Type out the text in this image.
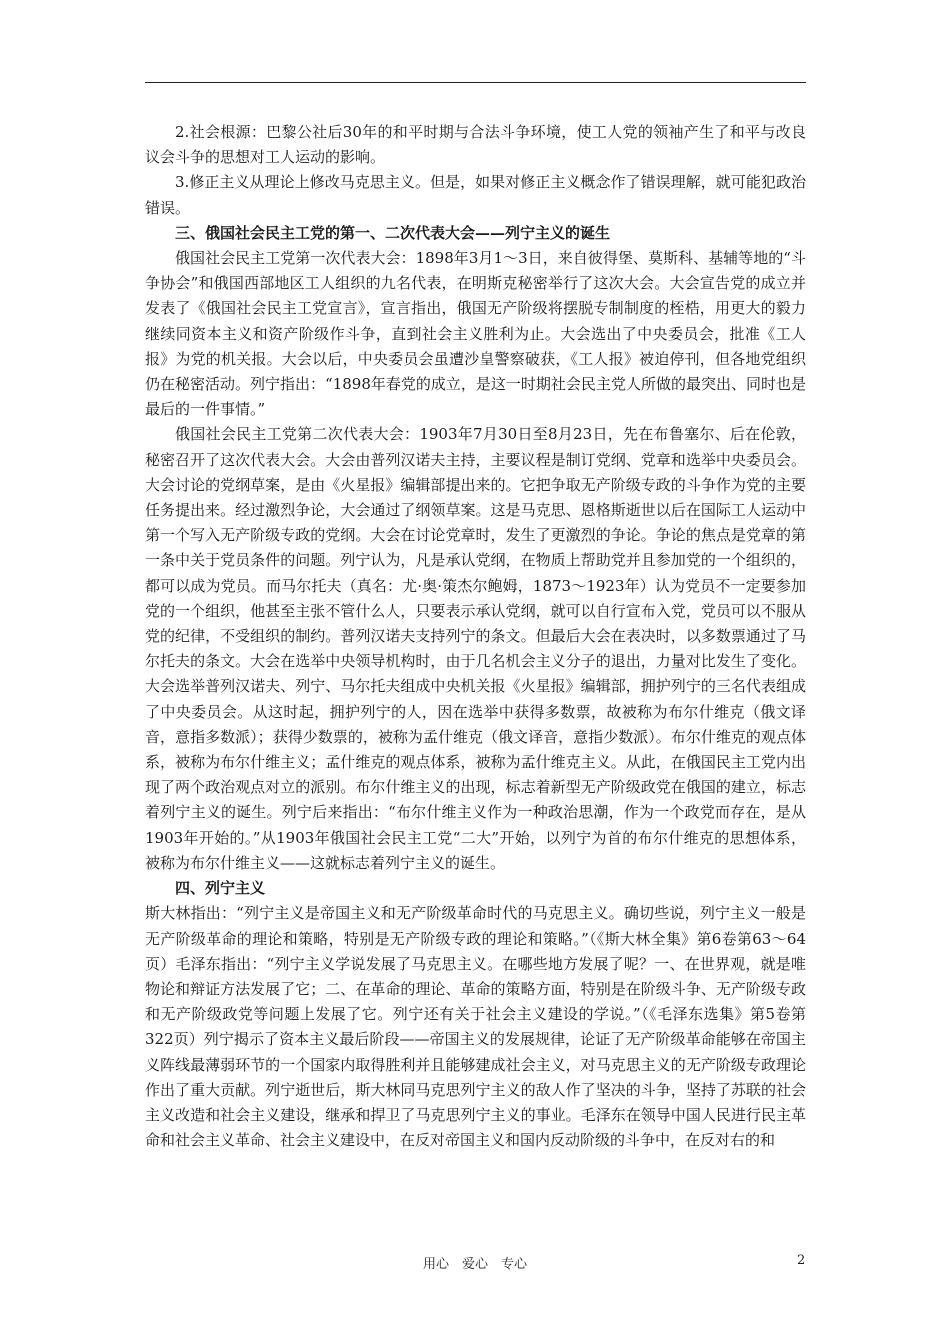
2.社会根源：巴黎公社后30年的和平时期与合法斗争环境，使工人党的领袖产生了和平与改良议会斗争的思想对工人运动的影响。

3.修正主义从理论上修改马克思主义。但是，如果对修正主义概念作了错误理解，就可能犯政治错误。

三、俄国社会民主工党的第一、二次代表大会——列宁主义的诞生

俄国社会民主工党第一次代表大会：1898年3月1～3日，来自彼得堡、莫斯科、基辅等地的“斗争协会”和俄国西部地区工人组织的九名代表，在明斯克秘密举行了这次大会。大会宣告党的成立并发表了《俄国社会民主工党宣言》，宣言指出，俄国无产阶级将摆脱专制制度的桎梏，用更大的毅力继续同资本主义和资产阶级作斗争，直到社会主义胜利为止。大会选出了中央委员会，批准《工人报》为党的机关报。大会以后，中央委员会虽遭沙皇警察破获，《工人报》被迫停刊，但各地党组织仍在秘密活动。列宁指出：“1898年春党的成立，是这一时期社会民主党人所做的最突出、同时也是最后的一件事情。”

俄国社会民主工党第二次代表大会：1903年7月30日至8月23日，先在布鲁塞尔、后在伦敦，秘密召开了这次代表大会。大会由普列汉诺夫主持，主要议程是制订党纲、党章和选举中央委员会。大会讨论的党纲草案，是由《火星报》编辑部提出来的。它把争取无产阶级专政的斗争作为党的主要任务提出来。经过激烈争论，大会通过了纲领草案。这是马克思、恩格斯逝世以后在国际工人运动中第一个写入无产阶级专政的党纲。大会在讨论党章时，发生了更激烈的争论。争论的焦点是党章的第一条中关于党员条件的问题。列宁认为，凡是承认党纲，在物质上帮助党并且参加党的一个组织的，都可以成为党员。而马尔托夫（真名：尤·奥·策杰尔鲍姆，1873～1923年）认为党员不一定要参加党的一个组织，他甚至主张不管什么人，只要表示承认党纲，就可以自行宣布入党，党员可以不服从党的纪律，不受组织的制约。普列汉诺夫支持列宁的条文。但最后大会在表决时，以多数票通过了马尔托夫的条文。大会在选举中央领导机构时，由于几名机会主义分子的退出，力量对比发生了变化。大会选举普列汉诺夫、列宁、马尔托夫组成中央机关报《火星报》编辑部，拥护列宁的三名代表组成了中央委员会。从这时起，拥护列宁的人，因在选举中获得多数票，故被称为布尔什维克（俄文译音，意指多数派）；获得少数票的，被称为孟什维克（俄文译音，意指少数派）。布尔什维克的观点体系，被称为布尔什维主义；孟什维克的观点体系，被称为孟什维克主义。从此，在俄国民主工党内出现了两个政治观点对立的派别。布尔什维主义的出现，标志着新型无产阶级政党在俄国的建立，标志着列宁主义的诞生。列宁后来指出：“布尔什维主义作为一种政治思潮，作为一个政党而存在，是从1903年开始的。”从1903年俄国社会民主工党“二大”开始，以列宁为首的布尔什维克的思想体系，被称为布尔什维主义——这就标志着列宁主义的诞生。

四、列宁主义

斯大林指出：“列宁主义是帝国主义和无产阶级革命时代的马克思主义。确切些说，列宁主义一般是无产阶级革命的理论和策略，特别是无产阶级专政的理论和策略。”（《斯大林全集》第6卷第63～64页）毛泽东指出：“列宁主义学说发展了马克思主义。在哪些地方发展了呢？一、在世界观，就是唯物论和辩证方法发展了它；二、在革命的理论、革命的策略方面，特别是在阶级斗争、无产阶级专政和无产阶级政党等问题上发展了它。列宁还有关于社会主义建设的学说。”（《毛泽东选集》第5卷第322页）列宁揭示了资本主义最后阶段——帝国主义的发展规律，论证了无产阶级革命能够在帝国主义阵线最薄弱环节的一个国家内取得胜利并且能够建成社会主义，对马克思主义的无产阶级专政理论作出了重大贡献。列宁逝世后，斯大林同马克思列宁主义的敌人作了坚决的斗争，坚持了苏联的社会主义改造和社会主义建设，继承和捍卫了马克思列宁主义的事业。毛泽东在领导中国人民进行民主革命和社会主义革命、社会主义建设中，在反对帝国主义和国内反动阶级的斗争中，在反对右的和

用心　爱心　专心	2
